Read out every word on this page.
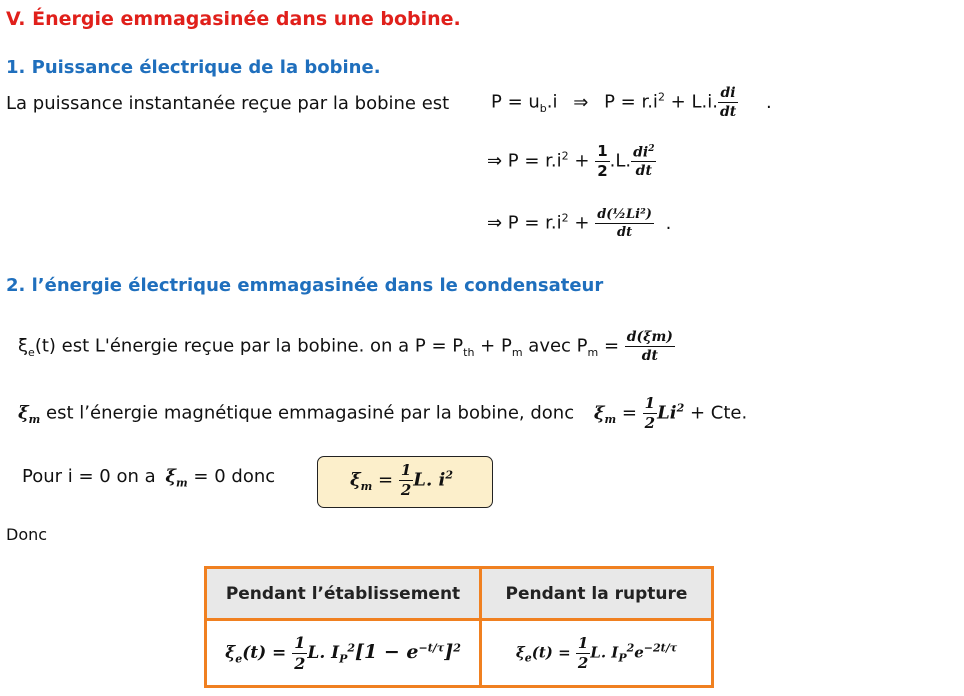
V. Énergie emmagasinée dans une bobine.
1. Puissance électrique de la bobine.
La puissance instantanée reçue par la bobine est $P = u_b.i$ ⇒ $P = r.i^2 + L.i$. $\frac{di}{dt}$ .
⇒ $P = r.i^2 + \frac{1}{2} .L$. $\frac{di^2}{dt}$
⇒ $P = r.i^2 + \frac{\text{d(½Li²)}}{dt}$ .
2. l’énergie électrique emmagasinée dans le condensateur
$\xi_e(t)$ est L'énergie reçue par la bobine. on a $P = P_{th} + P_m$ avec $P_m = \frac{d(\xi m)}{dt}$
$\xi_m$ est l’énergie magnétique emmagasiné par la bobine, donc $\xi_m = \frac{1}{2} Li^2$ + Cte.
Pour i = 0 on a $\xi_m = 0$ donc	$\xi_m = \frac{1}{2} L$. $i^2$
Donc
Pendant l’établissement	Pendant la rupture
$\xi_e(t) = \frac{1}{2} L$. $I_P^2[1 - e^{-t/\tau}]^2$	$\xi_e(t) = \frac{1}{2} L$. $I_P^2e^{-2t/\tau}$
